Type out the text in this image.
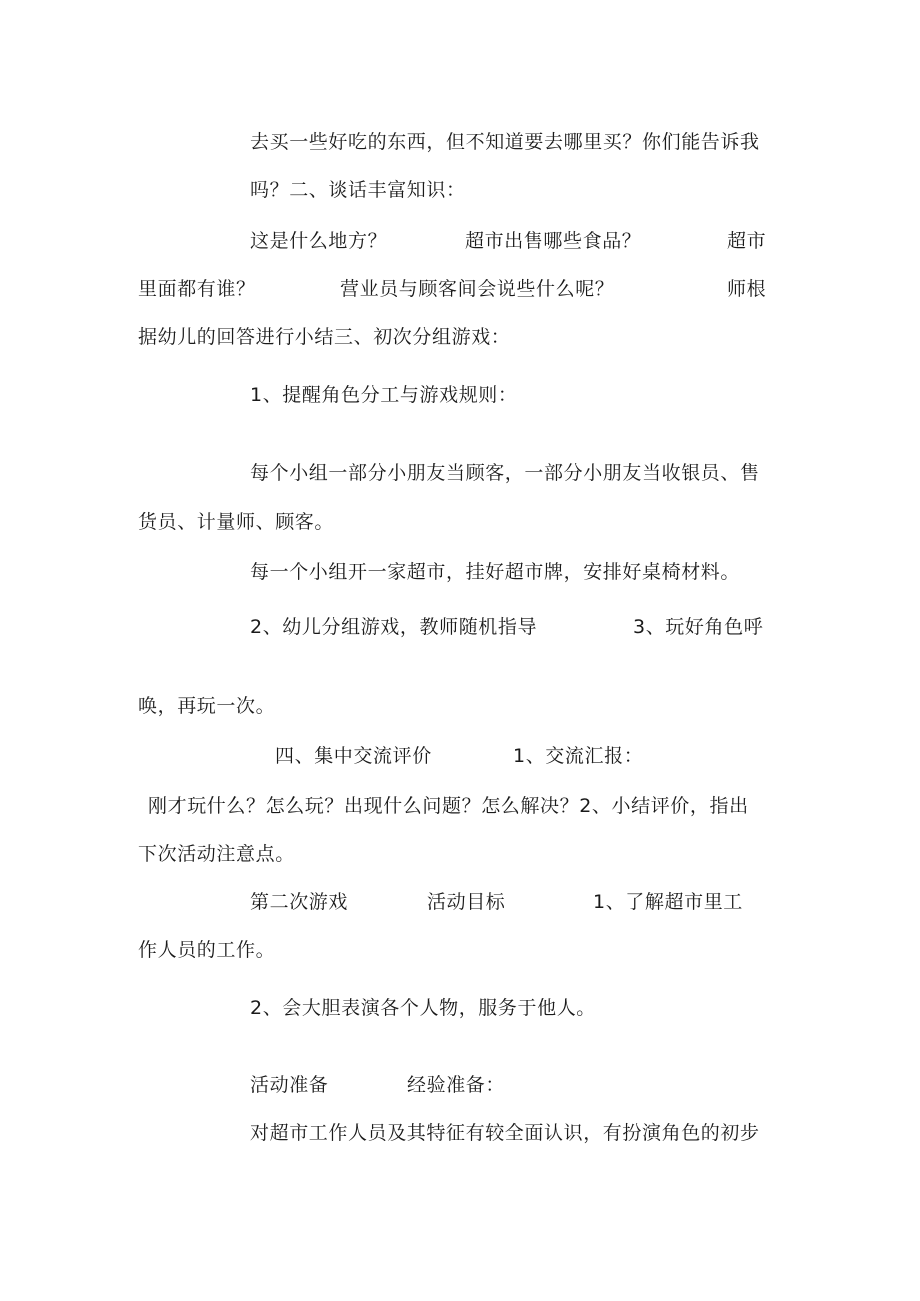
去买一些好吃的东西，但不知道要去哪里买？你们能告诉我
吗？二、谈话丰富知识：
这是什么地方？	超市出售哪些食品？	超市
里面都有谁？	营业员与顾客间会说些什么呢？	师根
据幼儿的回答进行小结三、初次分组游戏：
1、提醒角色分工与游戏规则：
每个小组一部分小朋友当顾客，一部分小朋友当收银员、售
货员、计量师、顾客。
每一个小组开一家超市，挂好超市牌，安排好桌椅材料。
2、幼儿分组游戏，教师随机指导	3、玩好角色呼
唤，再玩一次。
四、集中交流评价	1、交流汇报：
刚才玩什么？怎么玩？出现什么问题？怎么解决？2、小结评价，指出
下次活动注意点。
第二次游戏	活动目标	1、了解超市里工
作人员的工作。
2、会大胆表演各个人物，服务于他人。
活动准备	经验准备：
对超市工作人员及其特征有较全面认识，有扮演角色的初步
